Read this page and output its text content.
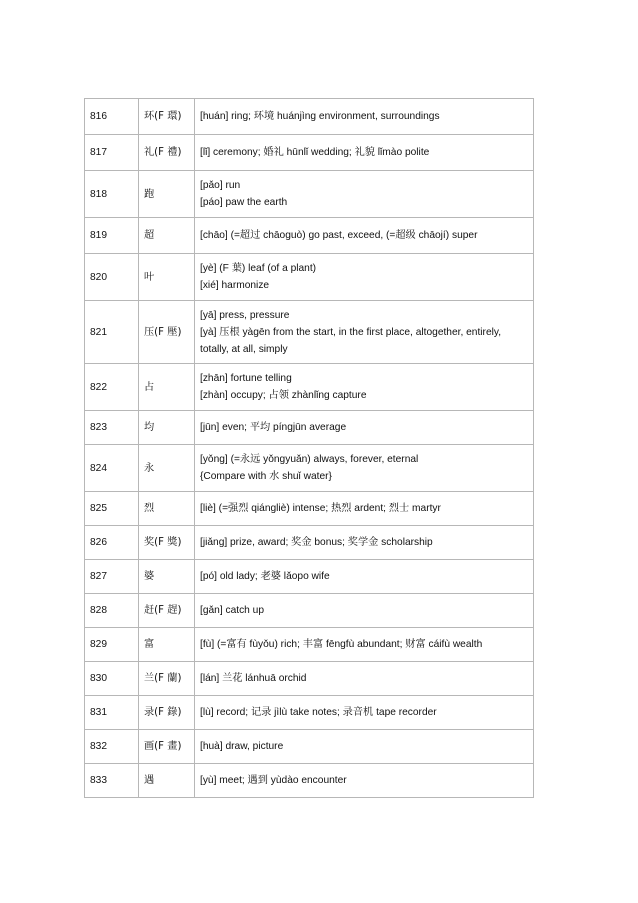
816	环(F 環)	[huán] ring; 环境 huánjìng environment, surroundings

817	礼(F 禮)	[lǐ] ceremony; 婚礼 hūnlǐ wedding; 礼貌 lǐmào polite

818	跑	[pǎo] run
[páo] paw the earth

819	超	[chāo] (=超过 chāoguò) go past, exceed, (=超级 chāojí) super

820	叶	[yè] (F 葉) leaf (of a plant)
[xié] harmonize

821	压(F 壓)	[yā] press, pressure
[yà] 压根 yàgēn from the start, in the first place, altogether, entirely,
totally, at all, simply

822	占	[zhān] fortune telling
[zhàn] occupy; 占领 zhànlǐng capture

823	均	[jūn] even; 平均 píngjūn average

824	永	[yǒng] (=永远 yǒngyuǎn) always, forever, eternal
{Compare with 水 shuǐ water}

825	烈	[liè] (=强烈 qiángliè) intense; 热烈 ardent; 烈士 martyr

826	奖(F 獎)	[jiǎng] prize, award; 奖金 bonus; 奖学金 scholarship

827	婆	[pó] old lady; 老婆 lǎopo wife

828	赶(F 趕)	[gǎn] catch up

829	富	[fù] (=富有 fùyǒu) rich; 丰富 fēngfù abundant; 财富 cáifù wealth

830	兰(F 蘭)	[lán] 兰花 lánhuā orchid

831	录(F 錄)	[lù] record; 记录 jìlù take notes; 录音机 tape recorder

832	画(F 畫)	[huà] draw, picture

833	遇	[yù] meet; 遇到 yùdào encounter
